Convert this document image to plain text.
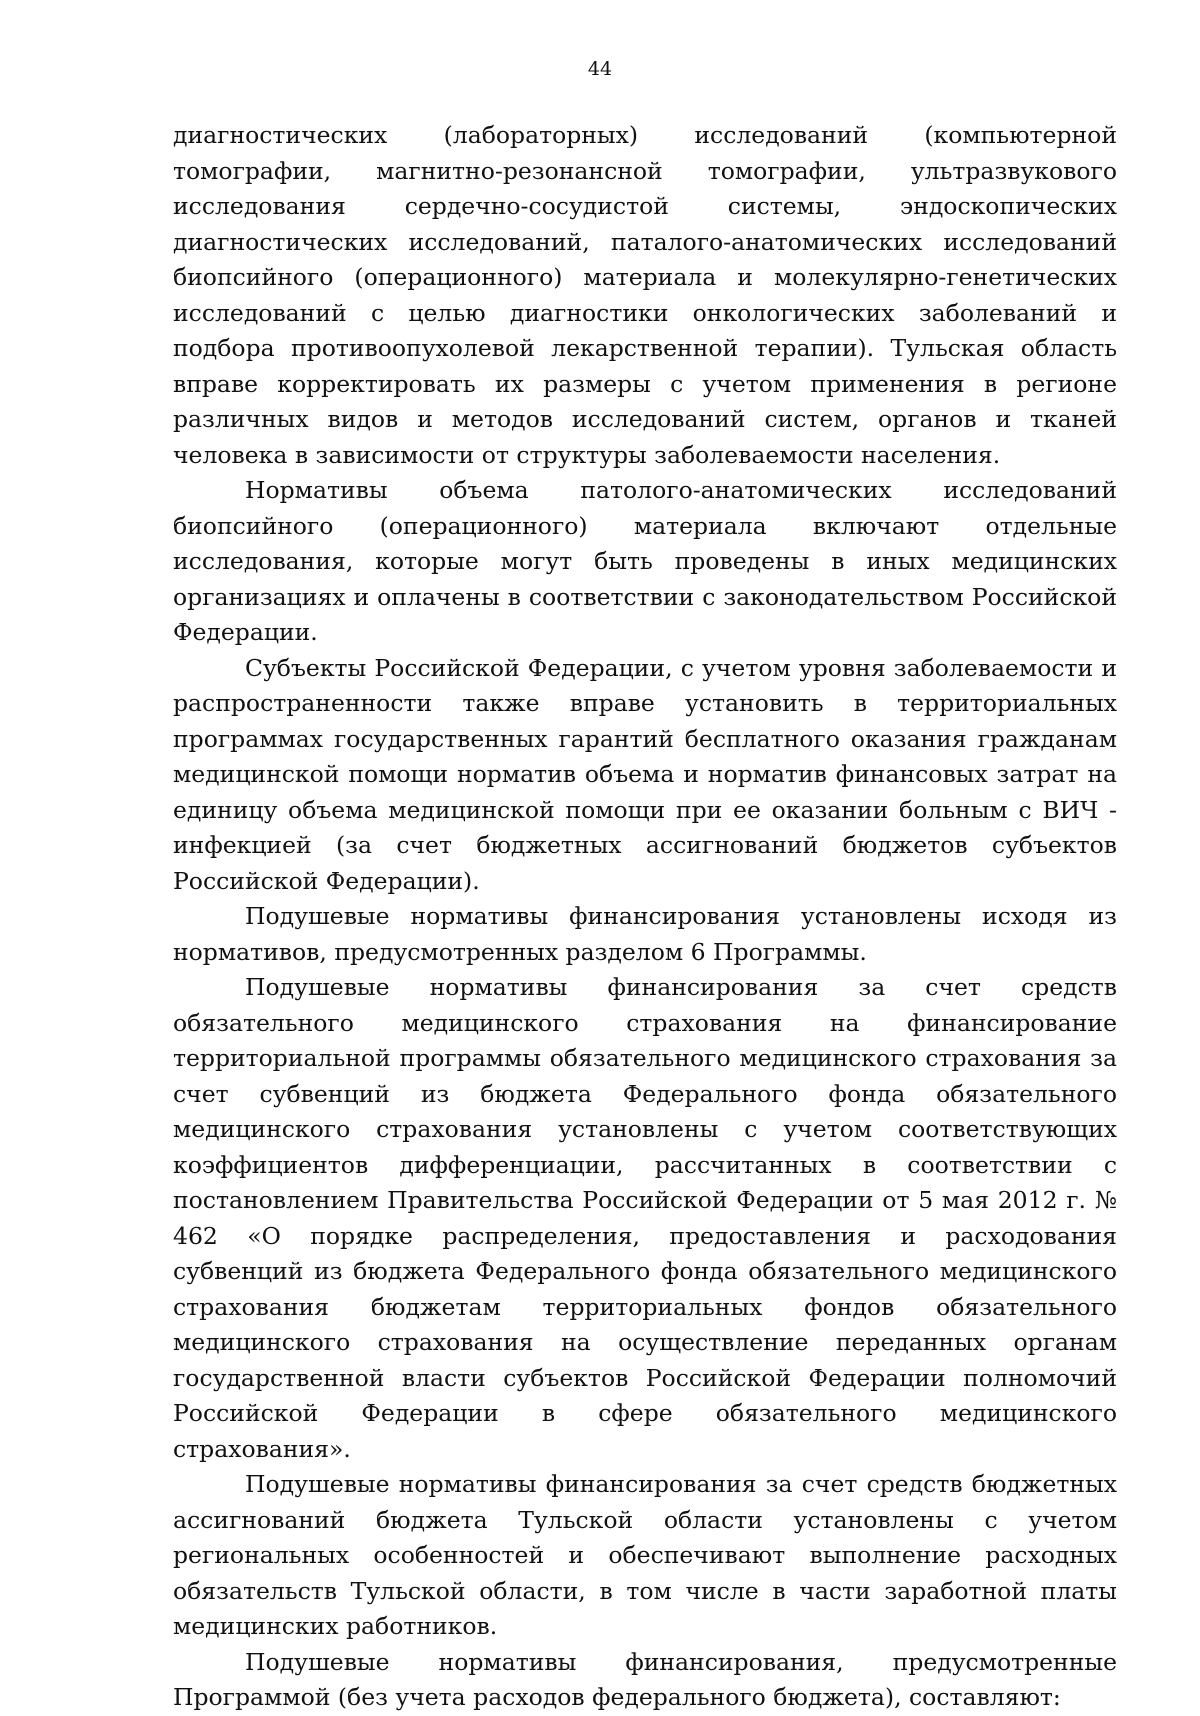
44

диагностических (лабораторных) исследований (компьютерной томографии, магнитно-резонансной томографии, ультразвукового исследования сердечно-сосудистой системы, эндоскопических диагностических исследований, паталого-анатомических исследований биопсийного (операционного) материала и молекулярно-генетических исследований с целью диагностики онкологических заболеваний и подбора противоопухолевой лекарственной терапии). Тульская область вправе корректировать их размеры с учетом применения в регионе различных видов и методов исследований систем, органов и тканей человека в зависимости от структуры заболеваемости населения.

Нормативы объема патолого-анатомических исследований биопсийного (операционного) материала включают отдельные исследования, которые могут быть проведены в иных медицинских организациях и оплачены в соответствии с законодательством Российской Федерации.

Субъекты Российской Федерации, с учетом уровня заболеваемости и распространенности также вправе установить в территориальных программах государственных гарантий бесплатного оказания гражданам медицинской помощи норматив объема и норматив финансовых затрат на единицу объема медицинской помощи при ее оказании больным с ВИЧ - инфекцией (за счет бюджетных ассигнований бюджетов субъектов Российской Федерации).

Подушевые нормативы финансирования установлены исходя из нормативов, предусмотренных разделом 6 Программы.

Подушевые нормативы финансирования за счет средств обязательного медицинского страхования на финансирование территориальной программы обязательного медицинского страхования за счет субвенций из бюджета Федерального фонда обязательного медицинского страхования установлены с учетом соответствующих коэффициентов дифференциации, рассчитанных в соответствии с постановлением Правительства Российской Федерации от 5 мая 2012 г. № 462 «О порядке распределения, предоставления и расходования субвенций из бюджета Федерального фонда обязательного медицинского страхования бюджетам территориальных фондов обязательного медицинского страхования на осуществление переданных органам государственной власти субъектов Российской Федерации полномочий Российской Федерации в сфере обязательного медицинского страхования».

Подушевые нормативы финансирования за счет средств бюджетных ассигнований бюджета Тульской области установлены с учетом региональных особенностей и обеспечивают выполнение расходных обязательств Тульской области, в том числе в части заработной платы медицинских работников.

Подушевые нормативы финансирования, предусмотренные Программой (без учета расходов федерального бюджета), составляют:
